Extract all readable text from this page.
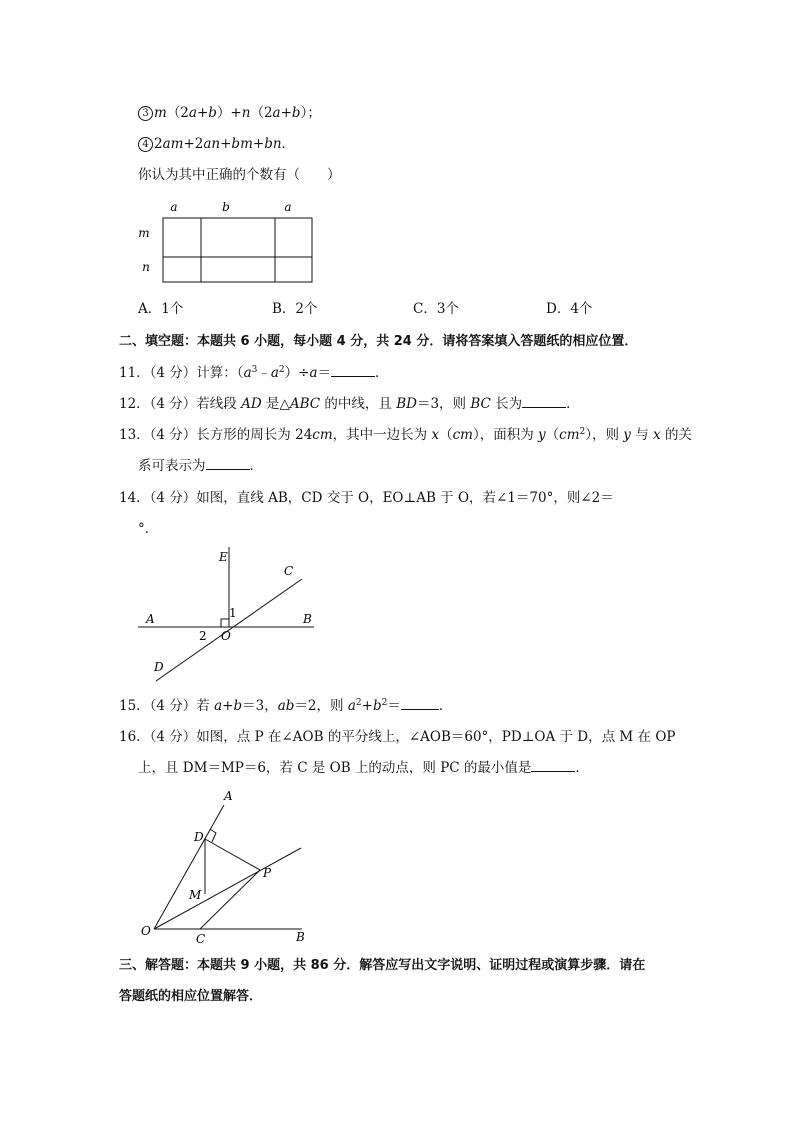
3 m（2a+b）+n（2a+b）；
4 2am+2an+bm+bn．
你认为其中正确的个数有（　　）
a	b	a
m
n
A．1个	B．2个	C．3个	D．4个
二、填空题：本题共 6 小题，每小题 4 分，共 24 分．请将答案填入答题纸的相应位置．
11．（4 分）计算：$(a^3﹣a^2)\div a=$	．
12．（4 分）若线段 AD 是△ABC 的中线，且 BD＝3，则 BC 长为	．
13．（4 分）长方形的周长为 24cm，其中一边长为 x（cm），面积为 $y(cm^2)$，则 y 与 x 的关
系可表示为	．
14．（4 分）如图，直线 AB，CD 交于 O，EO⊥AB 于 O，若∠1＝70°，则∠2＝
°．
E
C
A	B
1
2 O
D
15．（4 分）若 a+b＝3，ab＝2，则 $a^2+b^2=$	．
16．（4 分）如图，点 P 在∠AOB 的平分线上，∠AOB＝60°，PD⊥OA 于 D，点 M 在 OP
上，且 DM＝MP＝6，若 C 是 OB 上的动点，则 PC 的最小值是	．
A
D
P
M
O
C	B
三、解答题：本题共 9 小题，共 86 分．解答应写出文字说明、证明过程或演算步骤．请在
答题纸的相应位置解答．
